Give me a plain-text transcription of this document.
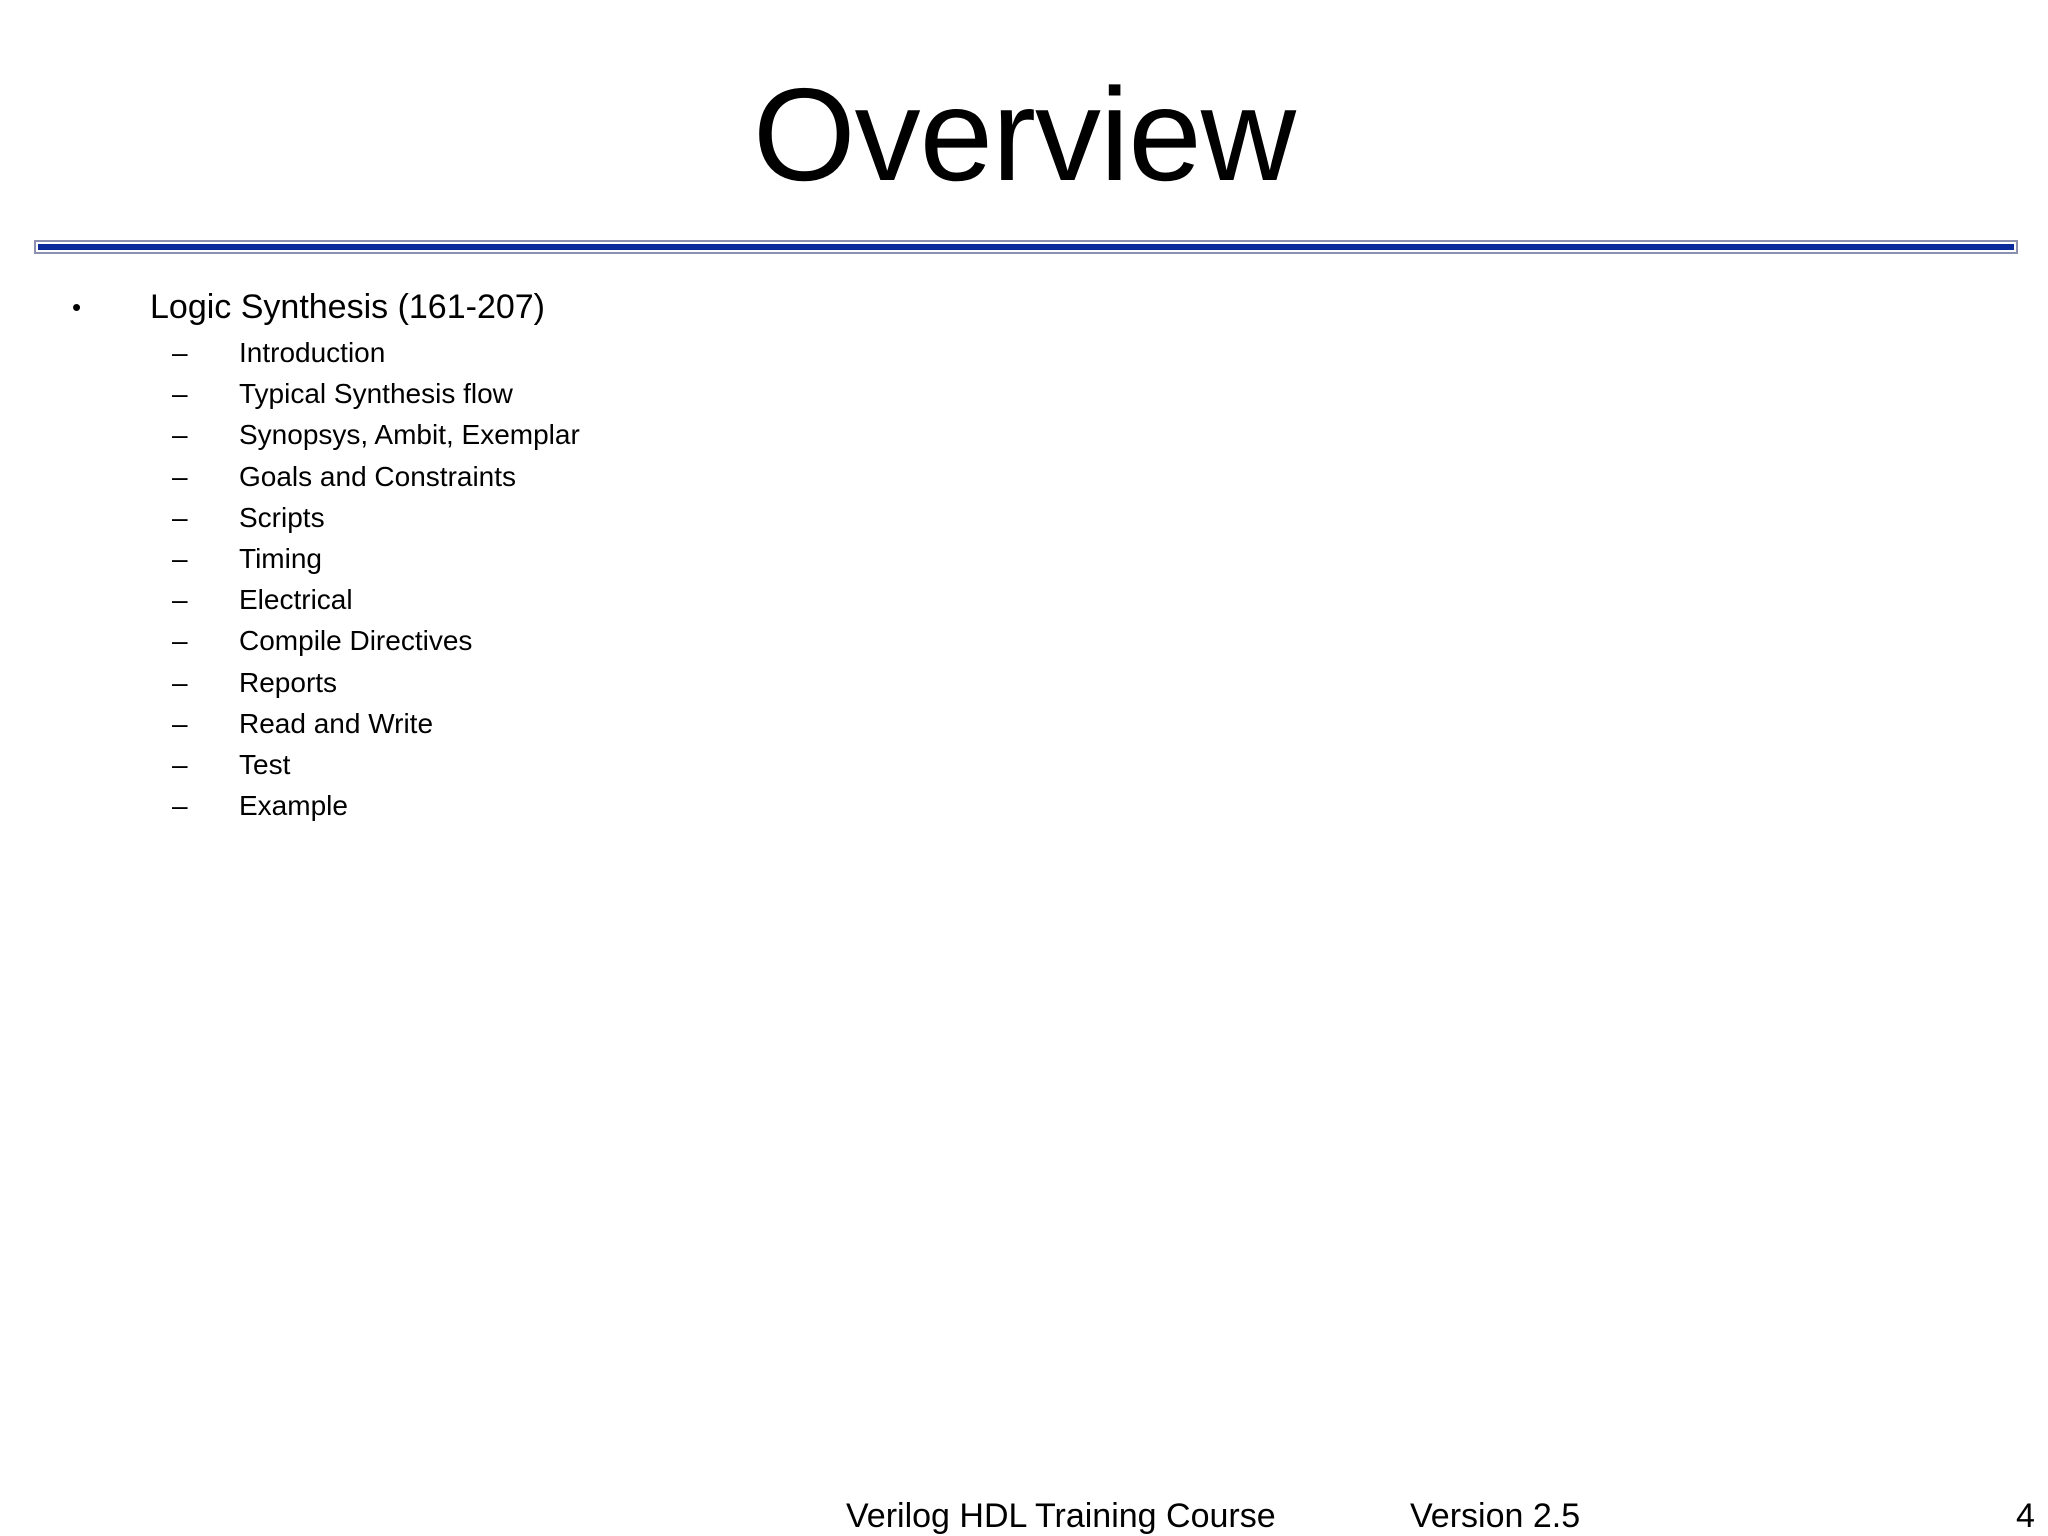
Overview
• Logic Synthesis (161-207)
– Introduction
– Typical Synthesis flow
– Synopsys, Ambit, Exemplar
– Goals and Constraints
– Scripts
– Timing
– Electrical
– Compile Directives
– Reports
– Read and Write
– Test
– Example
Verilog HDL Training Course	Version 2.5	4
